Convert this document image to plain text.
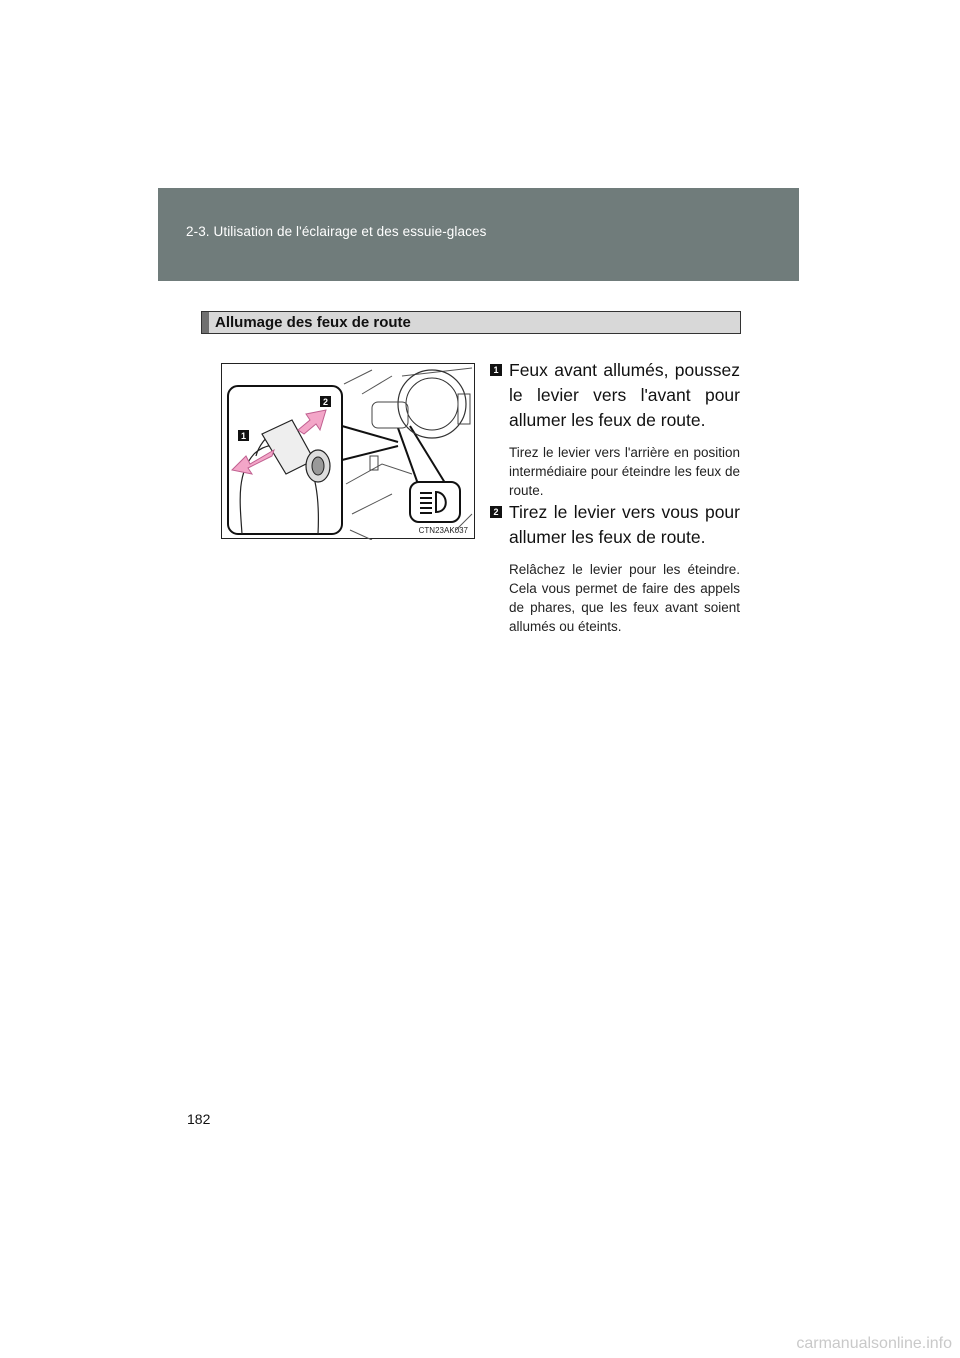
2-3. Utilisation de l'éclairage et des essuie-glaces
Allumage des feux de route
1
2
CTN23AK037
1 Feux avant allumés, poussez le levier vers l'avant pour allumer les feux de route.
Tirez le levier vers l'arrière en position intermédiaire pour éteindre les feux de route.
2 Tirez le levier vers vous pour allumer les feux de route.
Relâchez le levier pour les éteindre. Cela vous permet de faire des appels de phares, que les feux avant soient allumés ou éteints.
182
carmanualsonline.info
